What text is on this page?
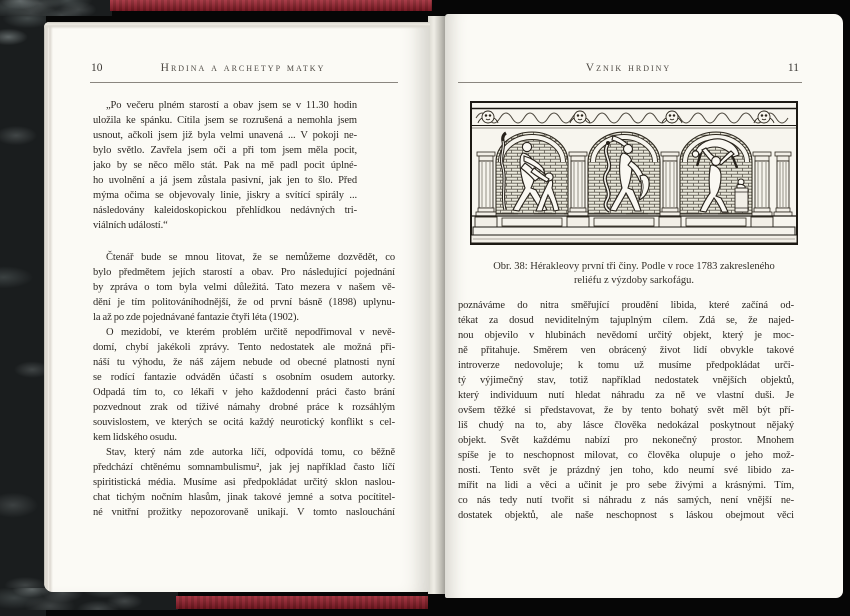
10	Hrdina a archetyp matky
„Po večeru plném starostí a obav jsem se v 11.30 hodin
uložila ke spánku. Cítila jsem se rozrušená a nemohla jsem
usnout, ačkoli jsem již byla velmi unavená ... V pokoji ne-
bylo světlo. Zavřela jsem oči a při tom jsem měla pocit,
jako by se něco mělo stát. Pak na mě padl pocit úplné-
ho uvolnění a já jsem zůstala pasivní, jak jen to šlo. Před
mýma očima se objevovaly linie, jiskry a svítící spirály ...
následovány kaleidoskopickou přehlídkou nedávných tri-
viálních událostí.“
Čtenář bude se mnou litovat, že se nemůžeme dozvědět, co
bylo předmětem jejích starostí a obav. Pro následující pojednání
by zpráva o tom byla velmi důležitá. Tato mezera v našem vě-
dění je tím politováníhodnější, že od první básně (1898) uplynu-
la až po zde pojednávané fantazie čtyři léta (1902).
O mezidobí, ve kterém problém určitě nepodřimoval v nevě-
domí, chybí jakékoli zprávy. Tento nedostatek ale možná při-
náší tu výhodu, že náš zájem nebude od obecné platnosti nyní
se rodící fantazie odváděn účastí s osobním osudem autorky.
Odpadá tím to, co lékaři v jeho každodenní práci často brání
pozvednout zrak od tíživé námahy drobné práce k rozsáhlým
souvislostem, ve kterých se ocitá každý neurotický konflikt s cel-
kem lidského osudu.
Stav, který nám zde autorka líčí, odpovídá tomu, co běžně
předchází chtěnému somnambulismu², jak jej například často líčí
spiritistická média. Musíme asi předpokládat určitý sklon naslou-
chat tichým nočním hlasům, jinak takové jemné a sotva pocítitel-
né vnitřní prožitky nepozorovaně unikají. V tomto naslouchání
Vznik hrdiny	11
Obr. 38: Hérakleovy první tři činy. Podle v roce 1783 zakresleného
reliéfu z výzdoby sarkofágu.
poznáváme do nitra směřující proudění libida, které začíná od-
tékat za dosud neviditelným tajuplným cílem. Zdá se, že najed-
nou objevilo v hlubinách nevědomí určitý objekt, který je moc-
ně přitahuje. Směrem ven obrácený život lidí obvykle takové
introverze nedovoluje; k tomu už musíme předpokládat urči-
tý výjimečný stav, totiž například nedostatek vnějších objektů,
který individuum nutí hledat náhradu za ně ve vlastní duši. Je
ovšem těžké si představovat, že by tento bohatý svět měl být pří-
liš chudý na to, aby lásce člověka nedokázal poskytnout nějaký
objekt. Svět každému nabízí pro nekonečný prostor. Mnohem
spíše je to neschopnost milovat, co člověka olupuje o jeho mož-
nosti. Tento svět je prázdný jen toho, kdo neumí své libido za-
mířit na lidi a věci a učinit je pro sebe živými a krásnými. Tím,
co nás tedy nutí tvořit si náhradu z nás samých, není vnější ne-
dostatek objektů, ale naše neschopnost s láskou obejmout věci
